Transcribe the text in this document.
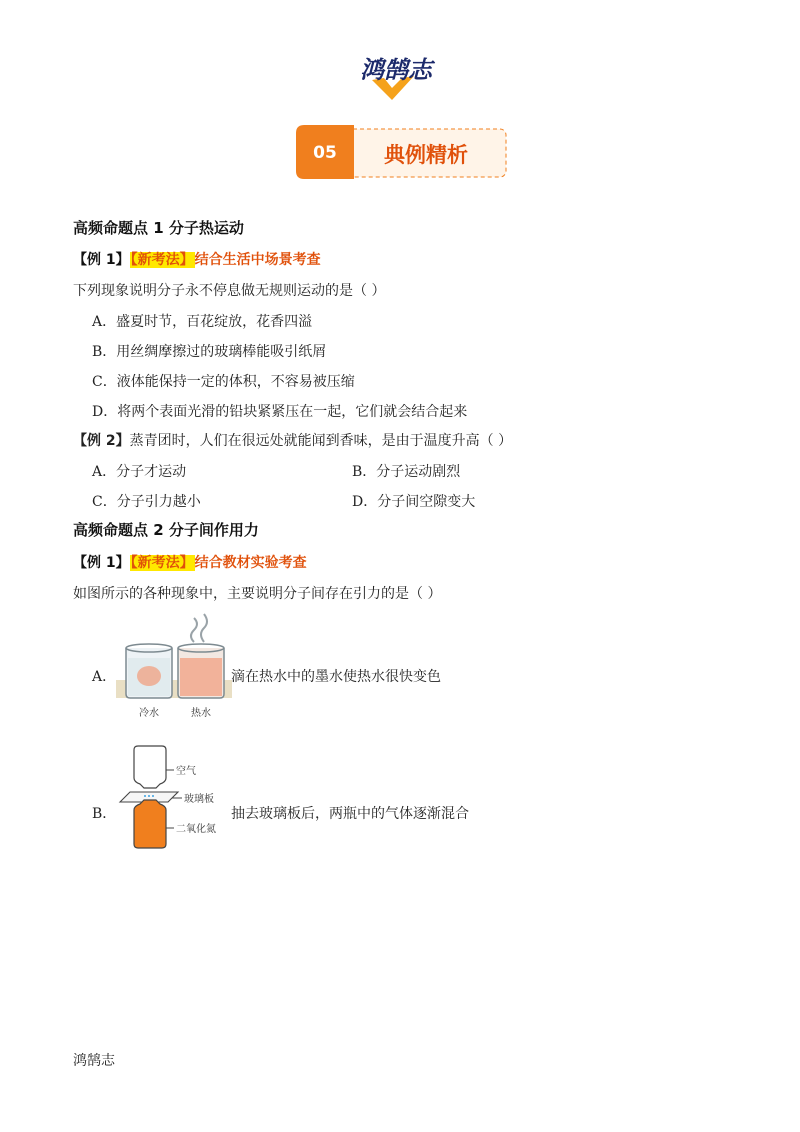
鸿鹄志
05 典例精析
高频命题点 1 分子热运动
【例 1】【新考法】结合生活中场景考查
下列现象说明分子永不停息做无规则运动的是（ ）
A．盛夏时节，百花绽放，花香四溢
B．用丝绸摩擦过的玻璃棒能吸引纸屑
C．液体能保持一定的体积，不容易被压缩
D．将两个表面光滑的铅块紧紧压在一起，它们就会结合起来
【例 2】蒸青团时，人们在很远处就能闻到香味，是由于温度升高（ ）
A．分子才运动	B．分子运动剧烈
C．分子引力越小	D．分子间空隙变大
高频命题点 2 分子间作用力
【例 1】【新考法】结合教材实验考查
如图所示的各种现象中，主要说明分子间存在引力的是（ ）
A．
冷水	热水
滴在热水中的墨水使热水很快变色
B．
空气
玻璃板
二氧化氮
抽去玻璃板后，两瓶中的气体逐渐混合
鸿鹄志
